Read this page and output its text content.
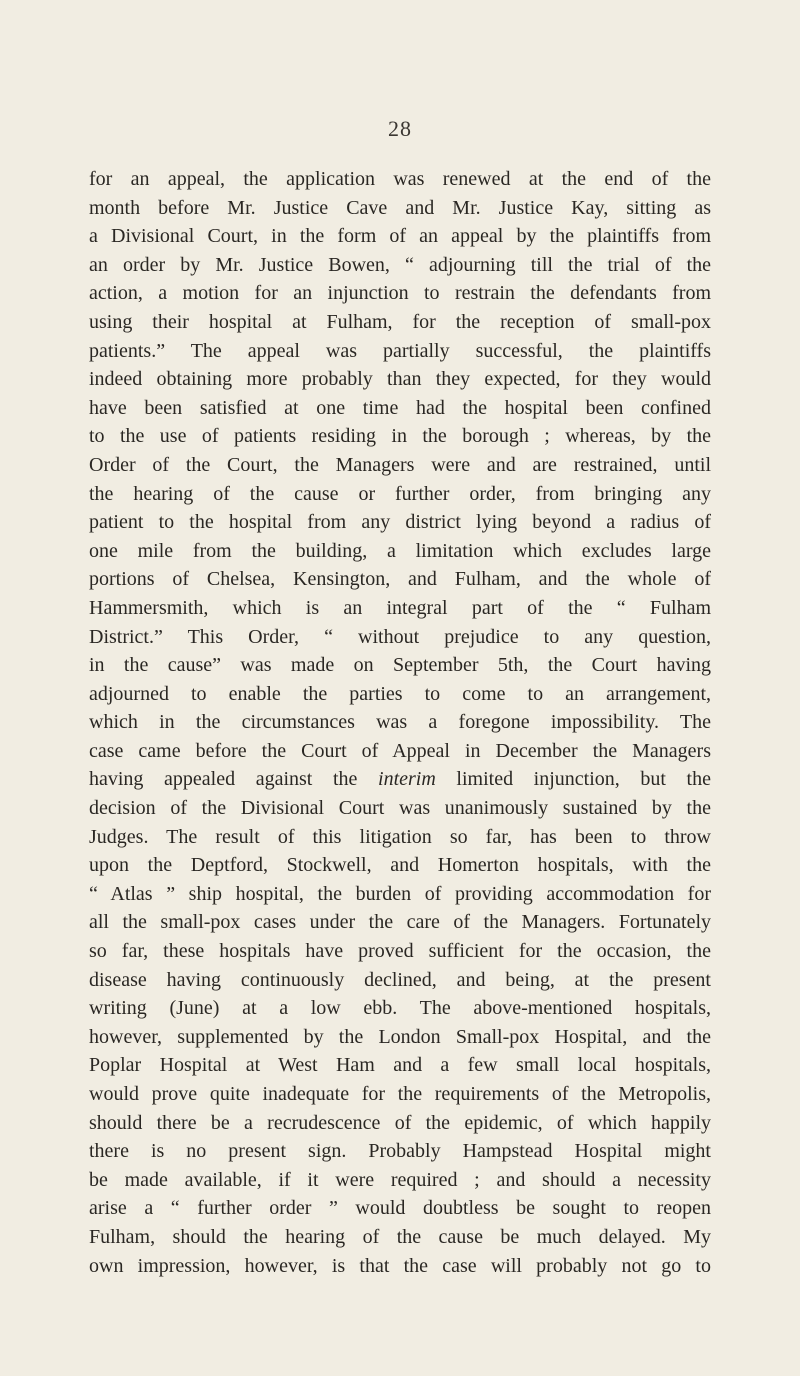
28
for an appeal, the application was renewed at the end of the
month before Mr. Justice Cave and Mr. Justice Kay, sitting as
a Divisional Court, in the form of an appeal by the plaintiffs from
an order by Mr. Justice Bowen, “ adjourning till the trial of the
action, a motion for an injunction to restrain the defendants from
using their hospital at Fulham, for the reception of small-pox
patients.” The appeal was partially successful, the plaintiffs
indeed obtaining more probably than they expected, for they would
have been satisfied at one time had the hospital been confined
to the use of patients residing in the borough ; whereas, by the
Order of the Court, the Managers were and are restrained, until
the hearing of the cause or further order, from bringing any
patient to the hospital from any district lying beyond a radius of
one mile from the building, a limitation which excludes large
portions of Chelsea, Kensington, and Fulham, and the whole of
Hammersmith, which is an integral part of the “ Fulham
District.” This Order, “ without prejudice to any question,
in the cause” was made on September 5th, the Court having
adjourned to enable the parties to come to an arrangement,
which in the circumstances was a foregone impossibility. The
case came before the Court of Appeal in December the Managers
having appealed against the interim limited injunction, but the
decision of the Divisional Court was unanimously sustained by the
Judges. The result of this litigation so far, has been to throw
upon the Deptford, Stockwell, and Homerton hospitals, with the
“ Atlas ” ship hospital, the burden of providing accommodation for
all the small-pox cases under the care of the Managers. Fortunately
so far, these hospitals have proved sufficient for the occasion, the
disease having continuously declined, and being, at the present
writing (June) at a low ebb. The above-mentioned hospitals,
however, supplemented by the London Small-pox Hospital, and the
Poplar Hospital at West Ham and a few small local hospitals,
would prove quite inadequate for the requirements of the Metropolis,
should there be a recrudescence of the epidemic, of which happily
there is no present sign. Probably Hampstead Hospital might
be made available, if it were required ; and should a necessity
arise a “ further order ” would doubtless be sought to reopen
Fulham, should the hearing of the cause be much delayed. My
own impression, however, is that the case will probably not go to
